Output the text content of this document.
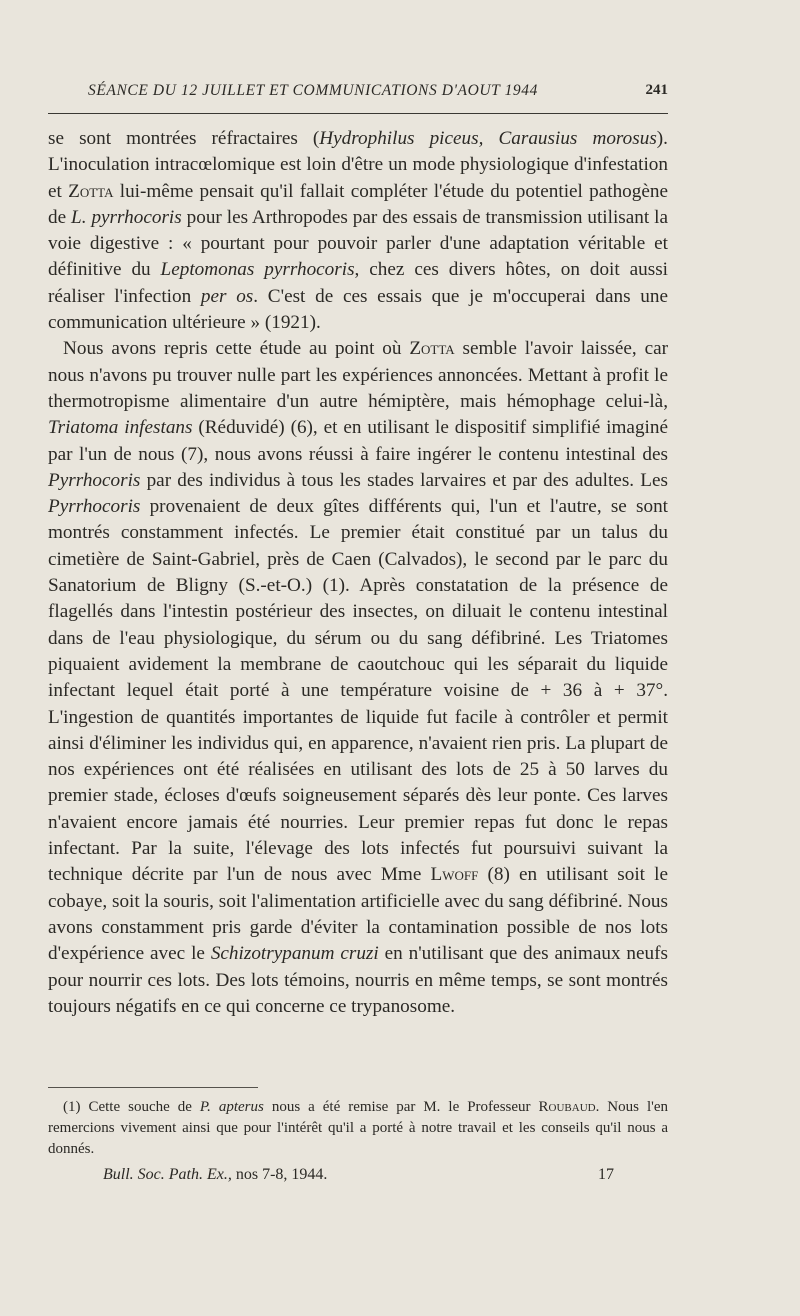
SÉANCE DU 12 JUILLET ET COMMUNICATIONS D'AOUT 1944	241

se sont montrées réfractaires (Hydrophilus piceus, Carausius morosus). L'inoculation intracœlomique est loin d'être un mode physiologique d'infestation et Zotta lui-même pensait qu'il fallait compléter l'étude du potentiel pathogène de L. pyrrhocoris pour les Arthropodes par des essais de transmission utilisant la voie digestive : « pourtant pour pouvoir parler d'une adaptation véritable et définitive du Leptomonas pyrrhocoris, chez ces divers hôtes, on doit aussi réaliser l'infection per os. C'est de ces essais que je m'occuperai dans une communication ultérieure » (1921).

Nous avons repris cette étude au point où Zotta semble l'avoir laissée, car nous n'avons pu trouver nulle part les expériences annoncées. Mettant à profit le thermotropisme alimentaire d'un autre hémiptère, mais hémophage celui-là, Triatoma infestans (Réduvidé) (6), et en utilisant le dispositif simplifié imaginé par l'un de nous (7), nous avons réussi à faire ingérer le contenu intestinal des Pyrrhocoris par des individus à tous les stades larvaires et par des adultes. Les Pyrrhocoris provenaient de deux gîtes différents qui, l'un et l'autre, se sont montrés constamment infectés. Le premier était constitué par un talus du cimetière de Saint-Gabriel, près de Caen (Calvados), le second par le parc du Sanatorium de Bligny (S.-et-O.) (1). Après constatation de la présence de flagellés dans l'intestin postérieur des insectes, on diluait le contenu intestinal dans de l'eau physiologique, du sérum ou du sang défibriné. Les Triatomes piquaient avidement la membrane de caoutchouc qui les séparait du liquide infectant lequel était porté à une température voisine de + 36 à + 37°. L'ingestion de quantités importantes de liquide fut facile à contrôler et permit ainsi d'éliminer les individus qui, en apparence, n'avaient rien pris. La plupart de nos expériences ont été réalisées en utilisant des lots de 25 à 50 larves du premier stade, écloses d'œufs soigneusement séparés dès leur ponte. Ces larves n'avaient encore jamais été nourries. Leur premier repas fut donc le repas infectant. Par la suite, l'élevage des lots infectés fut poursuivi suivant la technique décrite par l'un de nous avec Mme Lwoff (8) en utilisant soit le cobaye, soit la souris, soit l'alimentation artificielle avec du sang défibriné. Nous avons constamment pris garde d'éviter la contamination possible de nos lots d'expérience avec le Schizotrypanum cruzi en n'utilisant que des animaux neufs pour nourrir ces lots. Des lots témoins, nourris en même temps, se sont montrés toujours négatifs en ce qui concerne ce trypanosome.

(1) Cette souche de P. apterus nous a été remise par M. le Professeur Roubaud. Nous l'en remercions vivement ainsi que pour l'intérêt qu'il a porté à notre travail et les conseils qu'il nous a donnés.

Bull. Soc. Path. Ex., nos 7-8, 1944.	17
